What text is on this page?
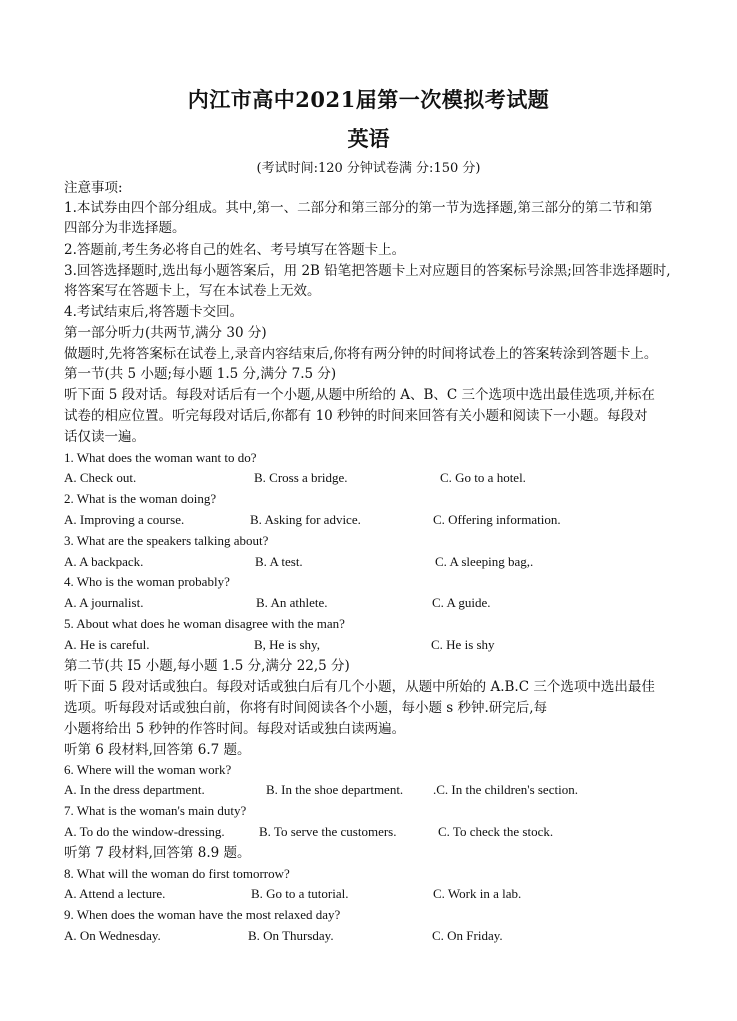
内江市高中2021届第一次模拟考试题
英语
(考试时间:120 分钟试卷满 分:150 分)
注意事项:
1.本试券由四个部分组成。其中,第一、二部分和第三部分的第一节为选择题,第三部分的第二节和第
四部分为非选择题。
2.答题前,考生务必将自己的姓名、考号填写在答题卡上。
3.回答选择题时,选出每小题答案后，用 2B 铅笔把答题卡上对应题目的答案标号涂黑;回答非选择题时,
将答案写在答题卡上，写在本试卷上无效。
4.考试结束后,将答题卡交回。
第一部分听力(共两节,满分 30 分)
做题时,先将答案标在试卷上,录音内容结束后,你将有两分钟的时间将试卷上的答案转涂到答题卡上。
第一节(共 5 小题;每小题 1.5 分,满分 7.5 分)
听下面 5 段对话。每段对话后有一个小题,从题中所给的 A、B、C 三个选项中选出最佳选项,并标在
试卷的相应位置。听完每段对话后,你都有 10 秒钟的时间来回答有关小题和阅读下一小题。每段对
话仅读一遍。
1. What does the woman want to do?
A. Check out.	B. Cross a bridge.	C. Go to a hotel.
2. What is the woman doing?
A. Improving a course.	B. Asking for advice.	C. Offering information.
3. What are the speakers talking about?
A. A backpack.	B. A test.	C. A sleeping bag,.
4. Who is the woman probably?
A. A journalist.	B. An athlete.	C. A guide.
5. About what does he woman disagree with the man?
A. He is careful.	B, He is shy,	C. He is shy
第二节(共 I5 小题,每小题 1.5 分,满分 22,5 分)
听下面 5 段对话或独白。每段对话或独白后有几个小题，从题中所始的 A.B.C 三个选项中选出最佳
选项。听每段对话或独白前，你将有时间阅读各个小题，每小题 s 秒钟.研完后,每
小题将给出 5 秒钟的作答时间。每段对话或独白读两遍。
听第 6 段材料,回答第 6.7 题。
6. Where will the woman work?
A. In the dress department.	B. In the shoe department. .C. In the children's section.
7. What is the woman's main duty?
A. To do the window-dressing.	B. To serve the customers.	C. To check the stock.
听第 7 段材料,回答第 8.9 题。
8. What will the woman do first tomorrow?
A. Attend a lecture.	B. Go to a tutorial.	C. Work in a lab.
9. When does the woman have the most relaxed day?
A. On Wednesday.	B. On Thursday.	C. On Friday.
